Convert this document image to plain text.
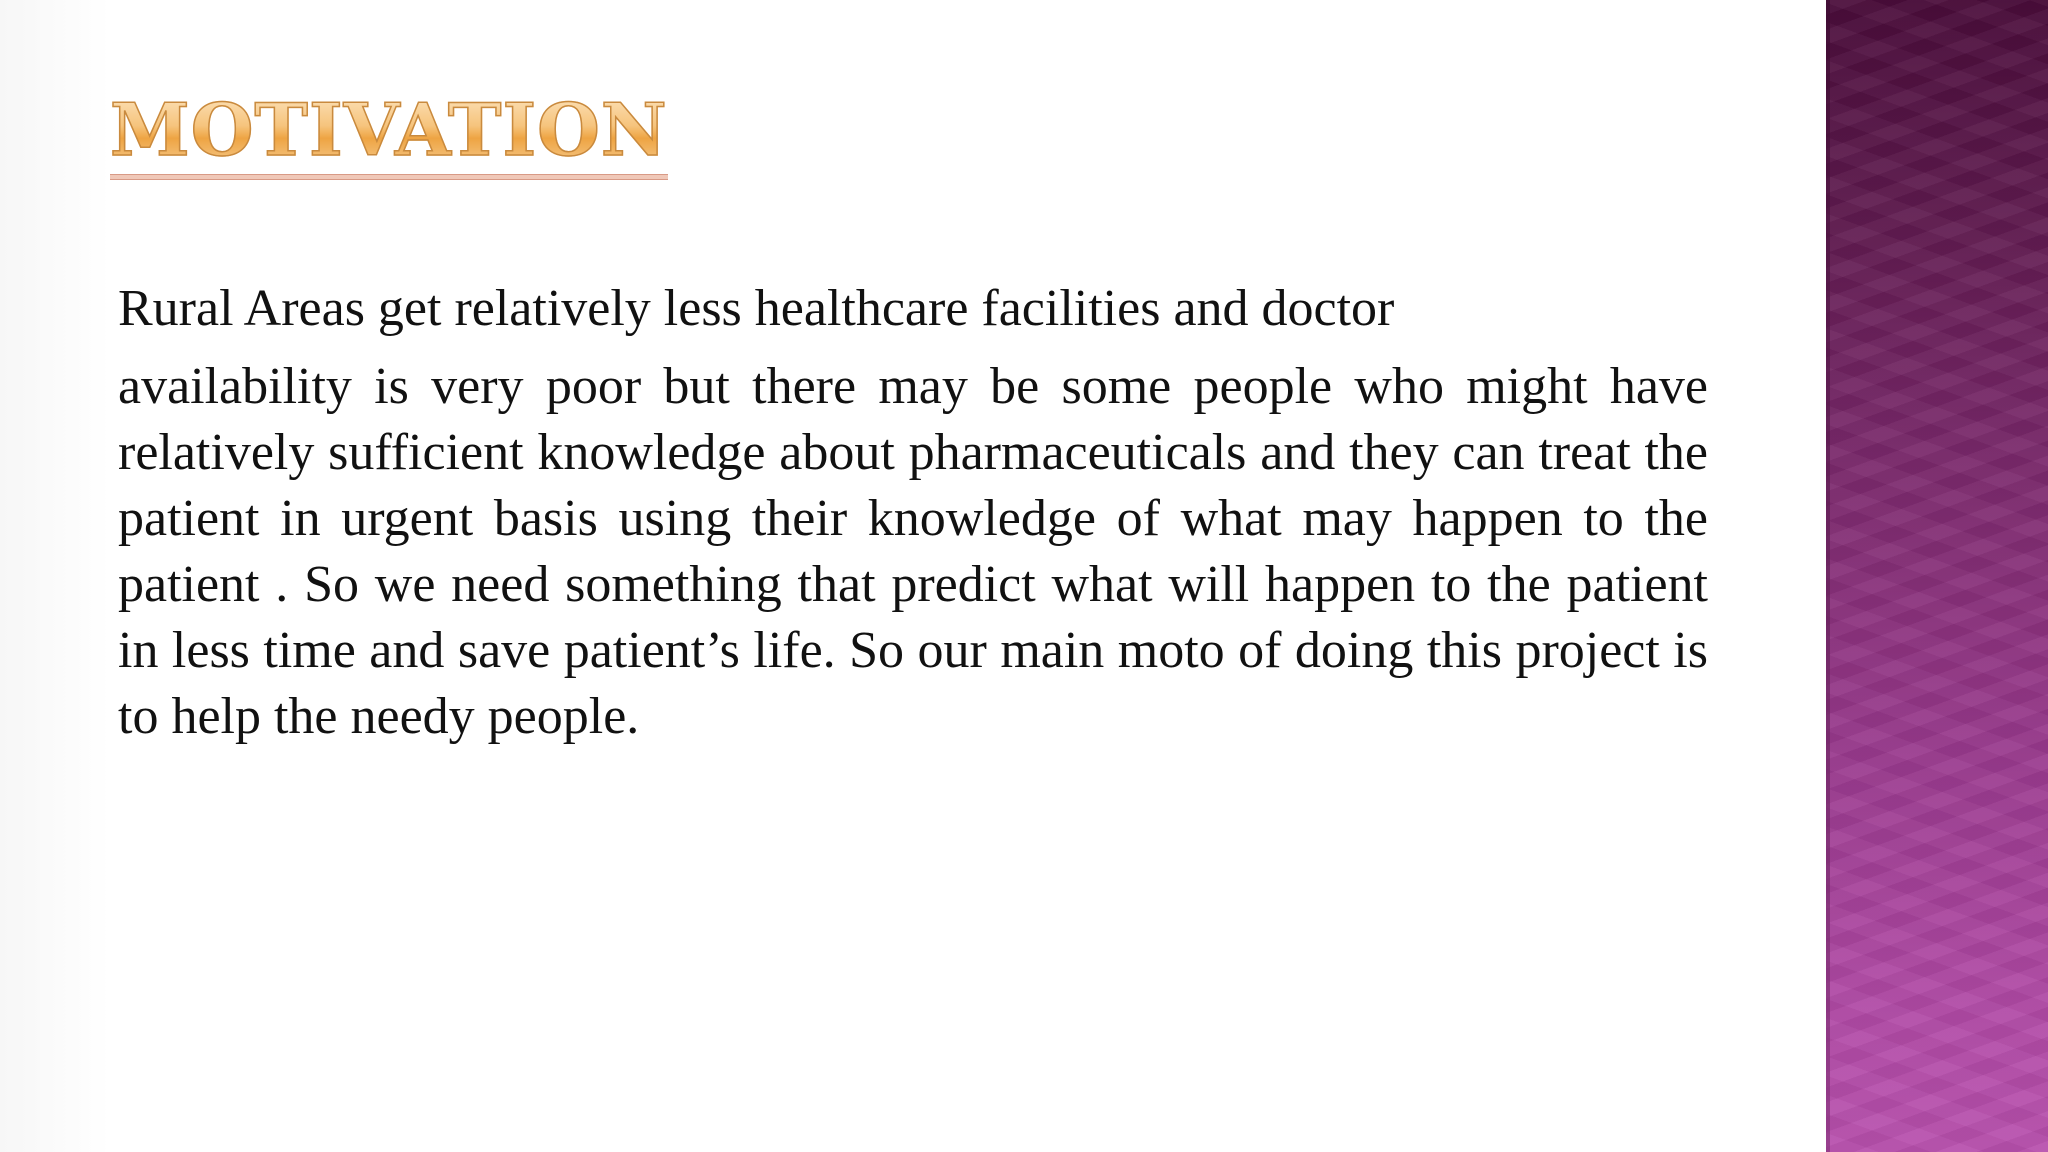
MOTIVATION
Rural Areas get relatively less healthcare facilities and doctor
availability is very poor but there may be some people who might have relatively sufficient knowledge about pharmaceuticals and they can treat the patient in urgent basis using their knowledge of what may happen to the patient . So we need something that predict what will happen to the patient in less time and save patient’s life. So our main moto of doing this project is to help the needy people.
